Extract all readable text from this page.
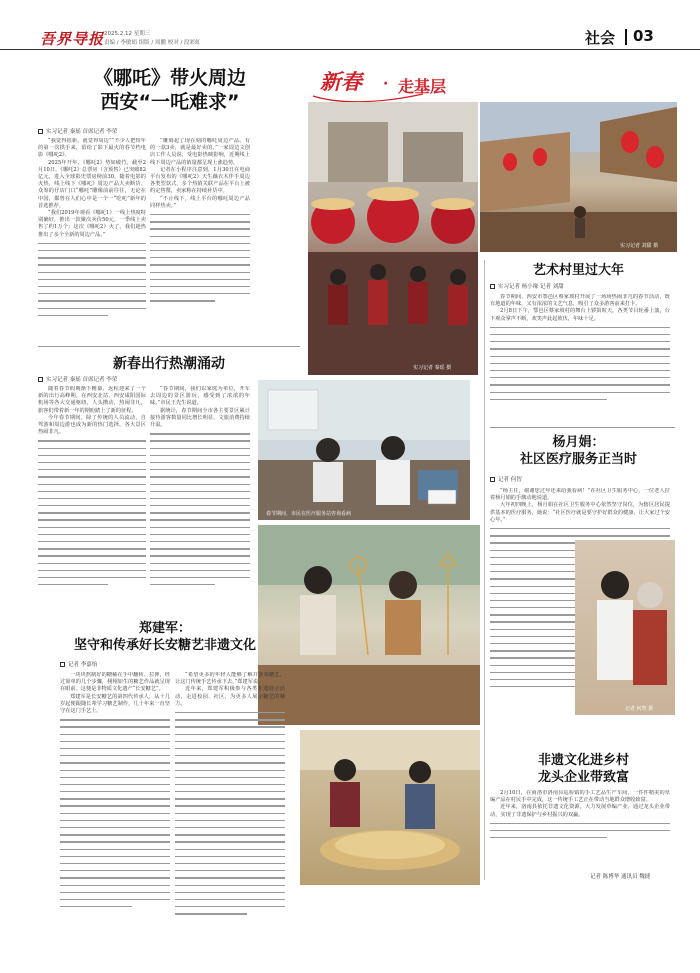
吾界导报 2025.2.12 星期三
责编 / 李敏娟 组版 / 周鹏 校对 / 段彩虹	社会 03
《哪吒》带火周边
西安“一吒难求”
实习记者 秦瑶 首席记者 李荣

“我觉得很新，就觉得周边”“不少人把短年的第一次拱手来，留给了影下最火的春节档电影《哪吒2》。

2025年开年，《哪吒2》势如破竹，截至2月10日，《哪吒2》总票房（含预售）已突破82亿元，进入全球影史票房榜前30，随着电影的火热，线上线下《哪吒》周边产品大卖断货、众筹的仔店门口“哪吒”雕像前前往往，无论在中国，都曾在人们心中是一个一“吃吒”新年的首选推荐。

“我们2019年观看《哪吒1》一线上热度特别确好，推出一款聚次卖价50元，一季线上卖售了约1万个；这次《哪吒2》火了，我们趁热推出了多个全新的周边产品。”

“雕刻起了现在刻的哪吒周边产品。有的一款3卖，就是最好卖的。”一家周边文创店工作人员说，受电影热映影响，近期线上线下周边产品的销量都呈现上涨趋势。

记者在小程序注意到，1月30日在电商平台发布的《哪吒2》天生藕衣木伴手周边各类型款式，多个热销关联产品在平台上被约定售罄，卖家称在持续补货中。

“不止线下，线上平台的哪吒周边产品同样热卖。”

新春 · 走基层
实习记者 秦瑶 摄
实习记者 刘甜 摄
艺术村里过大年
实习记者 杨小缘 记者 刘甜

春节期间，西安市鄠邑区蔡家坡村开展了一场场热闹非凡的春节活动，既有地道的年味，又有浓浓的文艺气息，吸引了众多游客前来打卡。

2月8日下午，鄠邑区蔡家坡村的舞台上锣鼓喧天，各类节目轮番上演，台下观众掌声不断，欢笑声此起彼伏，年味十足。

新春出行热潮涌动
实习记者 秦瑶 首席记者 李荣

随着春节假期渐下帷幕，返程迎来了一个新的出行高峰期。在西安北站、西安咸阳国际机场等各大交通枢纽，人头攒动，热闹非凡，旅客们带着新一年的期盼踏上了新的征程。

今年春节期间，除了传统的人员流动，自驾游和周边游也成为新的热门选择，各大景区热闹非凡。

“春节期间，我们以家庭为单位，开车去周边的景区游玩，感受到了浓浓的年味。”市民王先生说道。

据统计，春节期间全市各主要景区累计接待游客数量同比增长明显，文旅消费持续升温。

春节期间，市民在医疗服务站咨询看病
杨月娟：
社区医疗服务正当时
记者 何智

“杨主任，谢谢您过年还来给我看病！”在社区卫生服务中心，一位老人拉着杨月娟的手激动地说道。

大年初四晚上，杨月娟在社区卫生服务中心依然坚守岗位，为辖区居民提供基本的医疗服务，她说：“社区医疗就是要守护好群众的健康，让大家过个安心年。”

记者 何智 摄
郑建军：
坚守和传承好长安糖艺非遗文化
记者 李嘉怡

一块块熬制好的糖稀在手中翻转、拉伸，经过简单的几个步骤，栩栩如生的糖艺作品就呈现在眼前。这便是非物质文化遗产“长安糖艺”。

郑建军是长安糖艺的第四代传承人，从十几岁起便跟随长辈学习糖艺制作，几十年来一直坚守在这门手艺上。

“希望更多的年轻人能够了解并喜欢糖艺，让这门传统手艺传承下去。”郑建军说。

近年来，郑建军积极参与各类非遗展示活动，走进校园、社区，为更多人展示糖艺的魅力。

非遗文化进乡村
龙头企业带致富

2月10日，在商洛市洛南县巡检镇的手工艺品生产车间，一件件精美的草编产品在村民手中完成，这一传统手工艺正在带动当地群众增收致富。

近年来，洛南县依托非遗文化资源，大力发展草编产业，通过龙头企业带动，实现了非遗保护与乡村振兴的双赢。

记者 陈博华 通讯员 魏捷
